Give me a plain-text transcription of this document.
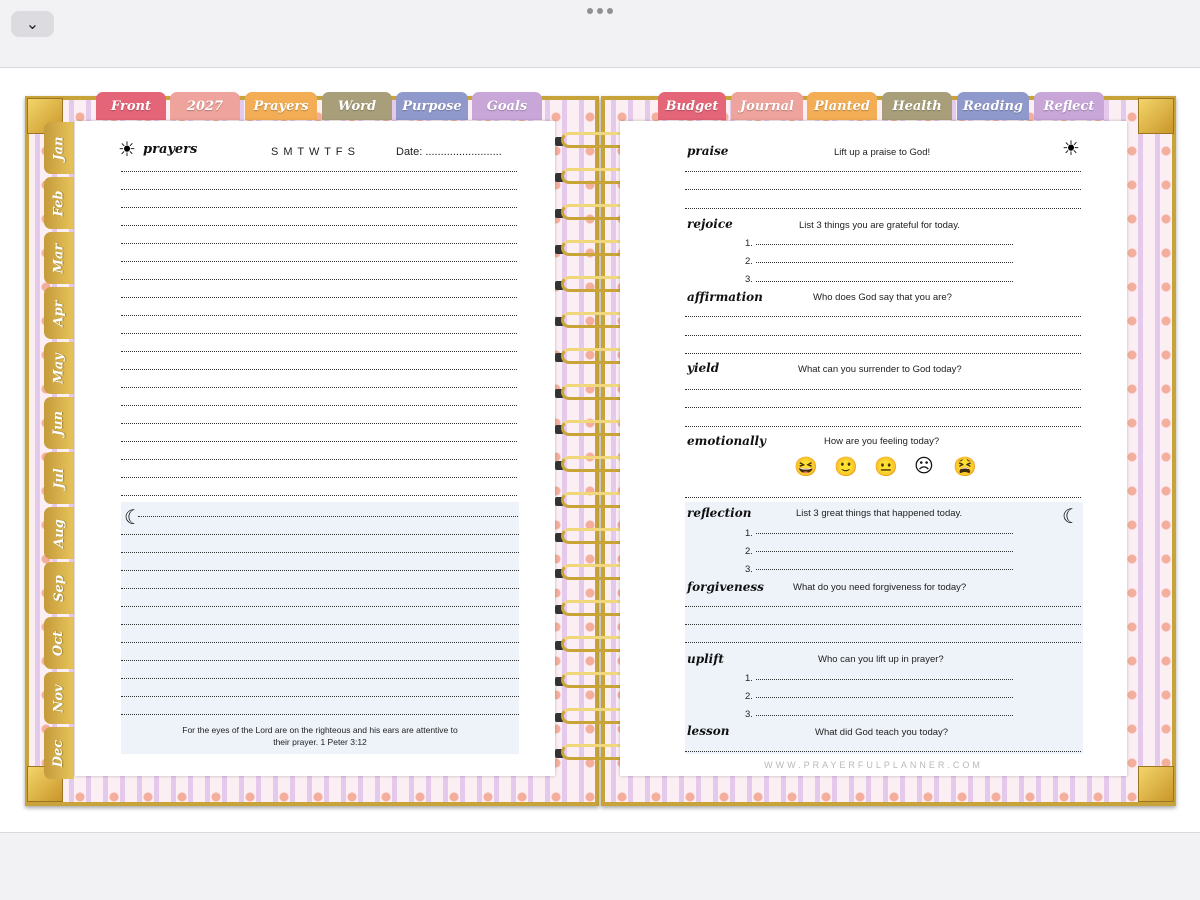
⌄
Front	2027	Prayers	Word	Purpose	Goals	Budget	Journal	Planted	Health	Reading	Reflect
Jan
Feb
Mar
Apr
May
Jun
Jul
Aug
Sep
Oct
Nov
Dec
☀ prayers	S M T W T F S	Date: .........................
☾
For the eyes of the Lord are on the righteous and his ears are attentive to
their prayer. 1 Peter 3:12
☀
☾
praise	Lift up a praise to God!
rejoice	List 3 things you are grateful for today.
affirmation	Who does God say that you are?
yield	What can you surrender to God today?
emotionally	How are you feeling today?
😆 🙂 😐 ☹ 😫
reflection	List 3 great things that happened today.
forgiveness	What do you need forgiveness for today?
uplift	Who can you lift up in prayer?
lesson	What did God teach you today?
1.
2.
3.
1.
2.
3.
1.
2.
3.
WWW.PRAYERFULPLANNER.COM
